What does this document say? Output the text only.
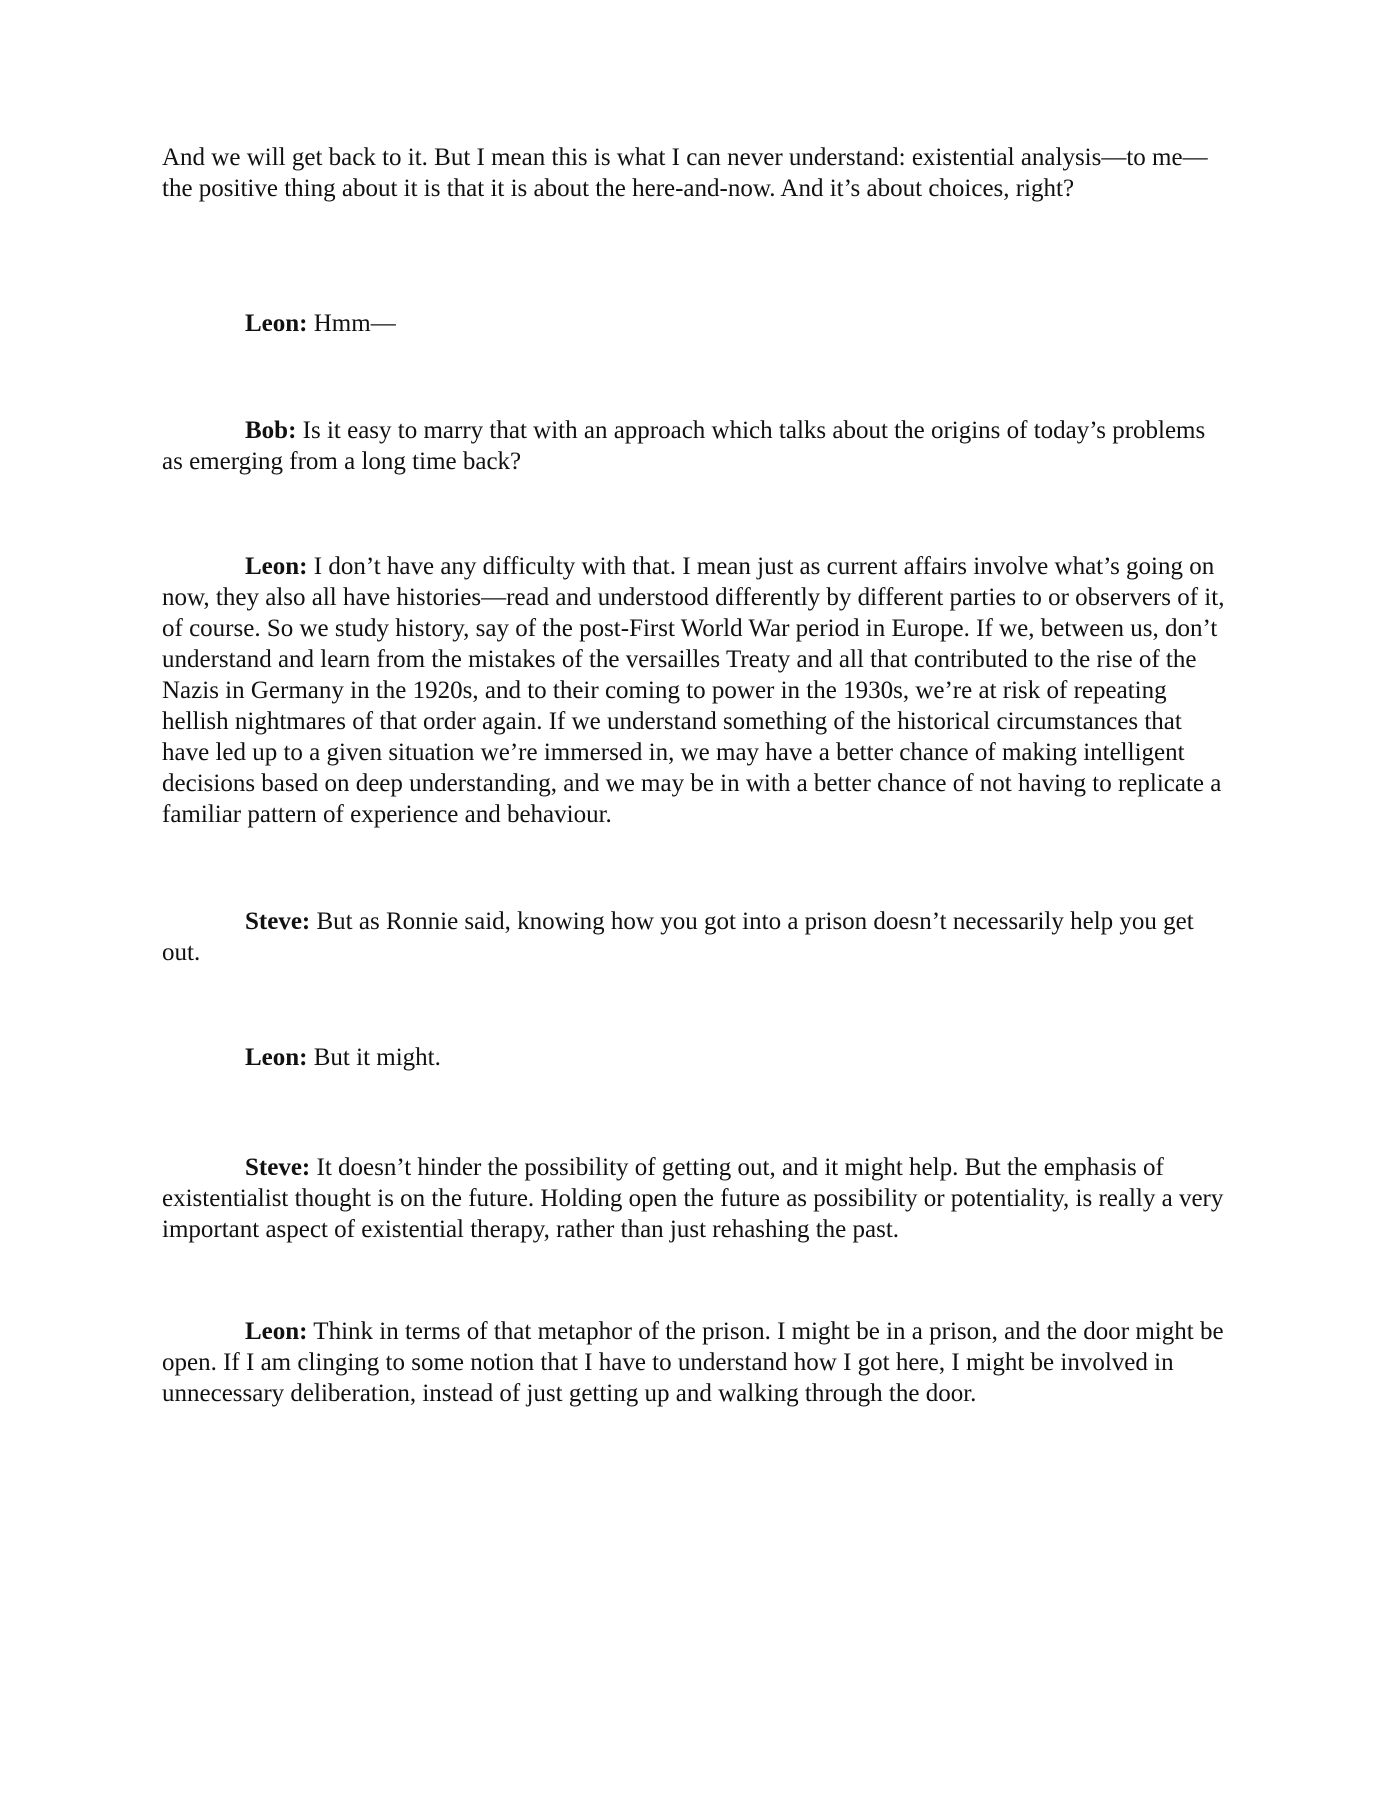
And we will get back to it. But I mean this is what I can never understand: existential analysis—to me—the positive thing about it is that it is about the here-and-now. And it’s about choices, right?

Leon: Hmm—

Bob: Is it easy to marry that with an approach which talks about the origins of today’s problems as emerging from a long time back?

Leon: I don’t have any difficulty with that. I mean just as current affairs involve what’s going on now, they also all have histories—read and understood differently by different parties to or observers of it, of course. So we study history, say of the post-First World War period in Europe. If we, between us, don’t understand and learn from the mistakes of the versailles Treaty and all that contributed to the rise of the Nazis in Germany in the 1920s, and to their coming to power in the 1930s, we’re at risk of repeating hellish nightmares of that order again. If we understand something of the historical circumstances that have led up to a given situation we’re immersed in, we may have a better chance of making intelligent decisions based on deep understanding, and we may be in with a better chance of not having to replicate a familiar pattern of experience and behaviour.

Steve: But as Ronnie said, knowing how you got into a prison doesn’t necessarily help you get out.

Leon: But it might.

Steve: It doesn’t hinder the possibility of getting out, and it might help. But the emphasis of existentialist thought is on the future. Holding open the future as possibility or potentiality, is really a very important aspect of existential therapy, rather than just rehashing the past.

Leon: Think in terms of that metaphor of the prison. I might be in a prison, and the door might be open. If I am clinging to some notion that I have to understand how I got here, I might be involved in unnecessary deliberation, instead of just getting up and walking through the door.
